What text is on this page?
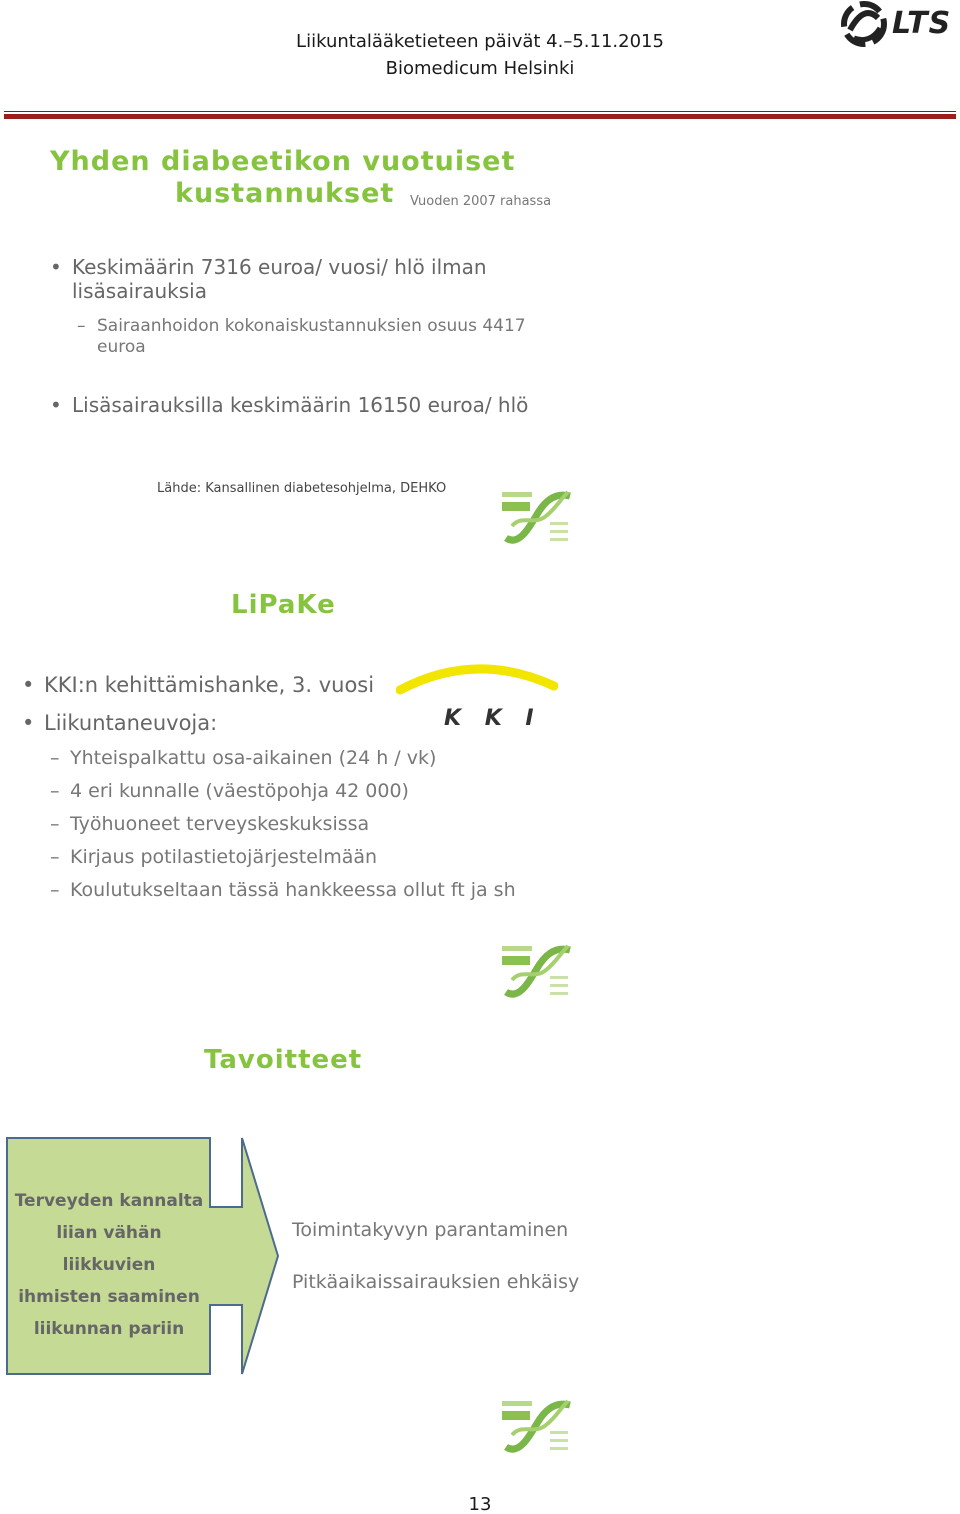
Liikuntalääketieteen päivät 4.–5.11.2015
Biomedicum Helsinki
LTS
Yhden diabeetikon vuotuiset
kustannukset Vuoden 2007 rahassa
• Keskimäärin 7316 euroa/ vuosi/ hlö ilman lisäsairauksia
– Sairaanhoidon kokonaiskustannuksien osuus 4417 euroa
• Lisäsairauksilla keskimäärin 16150 euroa/ hlö
Lähde: Kansallinen diabetesohjelma, DEHKO
LiPaKe
K K I
• KKI:n kehittämishanke, 3. vuosi
• Liikuntaneuvoja:
– Yhteispalkattu osa-aikainen (24 h / vk)
– 4 eri kunnalle (väestöpohja 42 000)
– Työhuoneet terveyskeskuksissa
– Kirjaus potilastietojärjestelmään
– Koulutukseltaan tässä hankkeessa ollut ft ja sh
Tavoitteet
Terveyden kannalta
liian vähän liikkuvien
ihmisten saaminen
liikunnan pariin
Toimintakyvyn parantaminen
Pitkäaikaissairauksien ehkäisy
13
